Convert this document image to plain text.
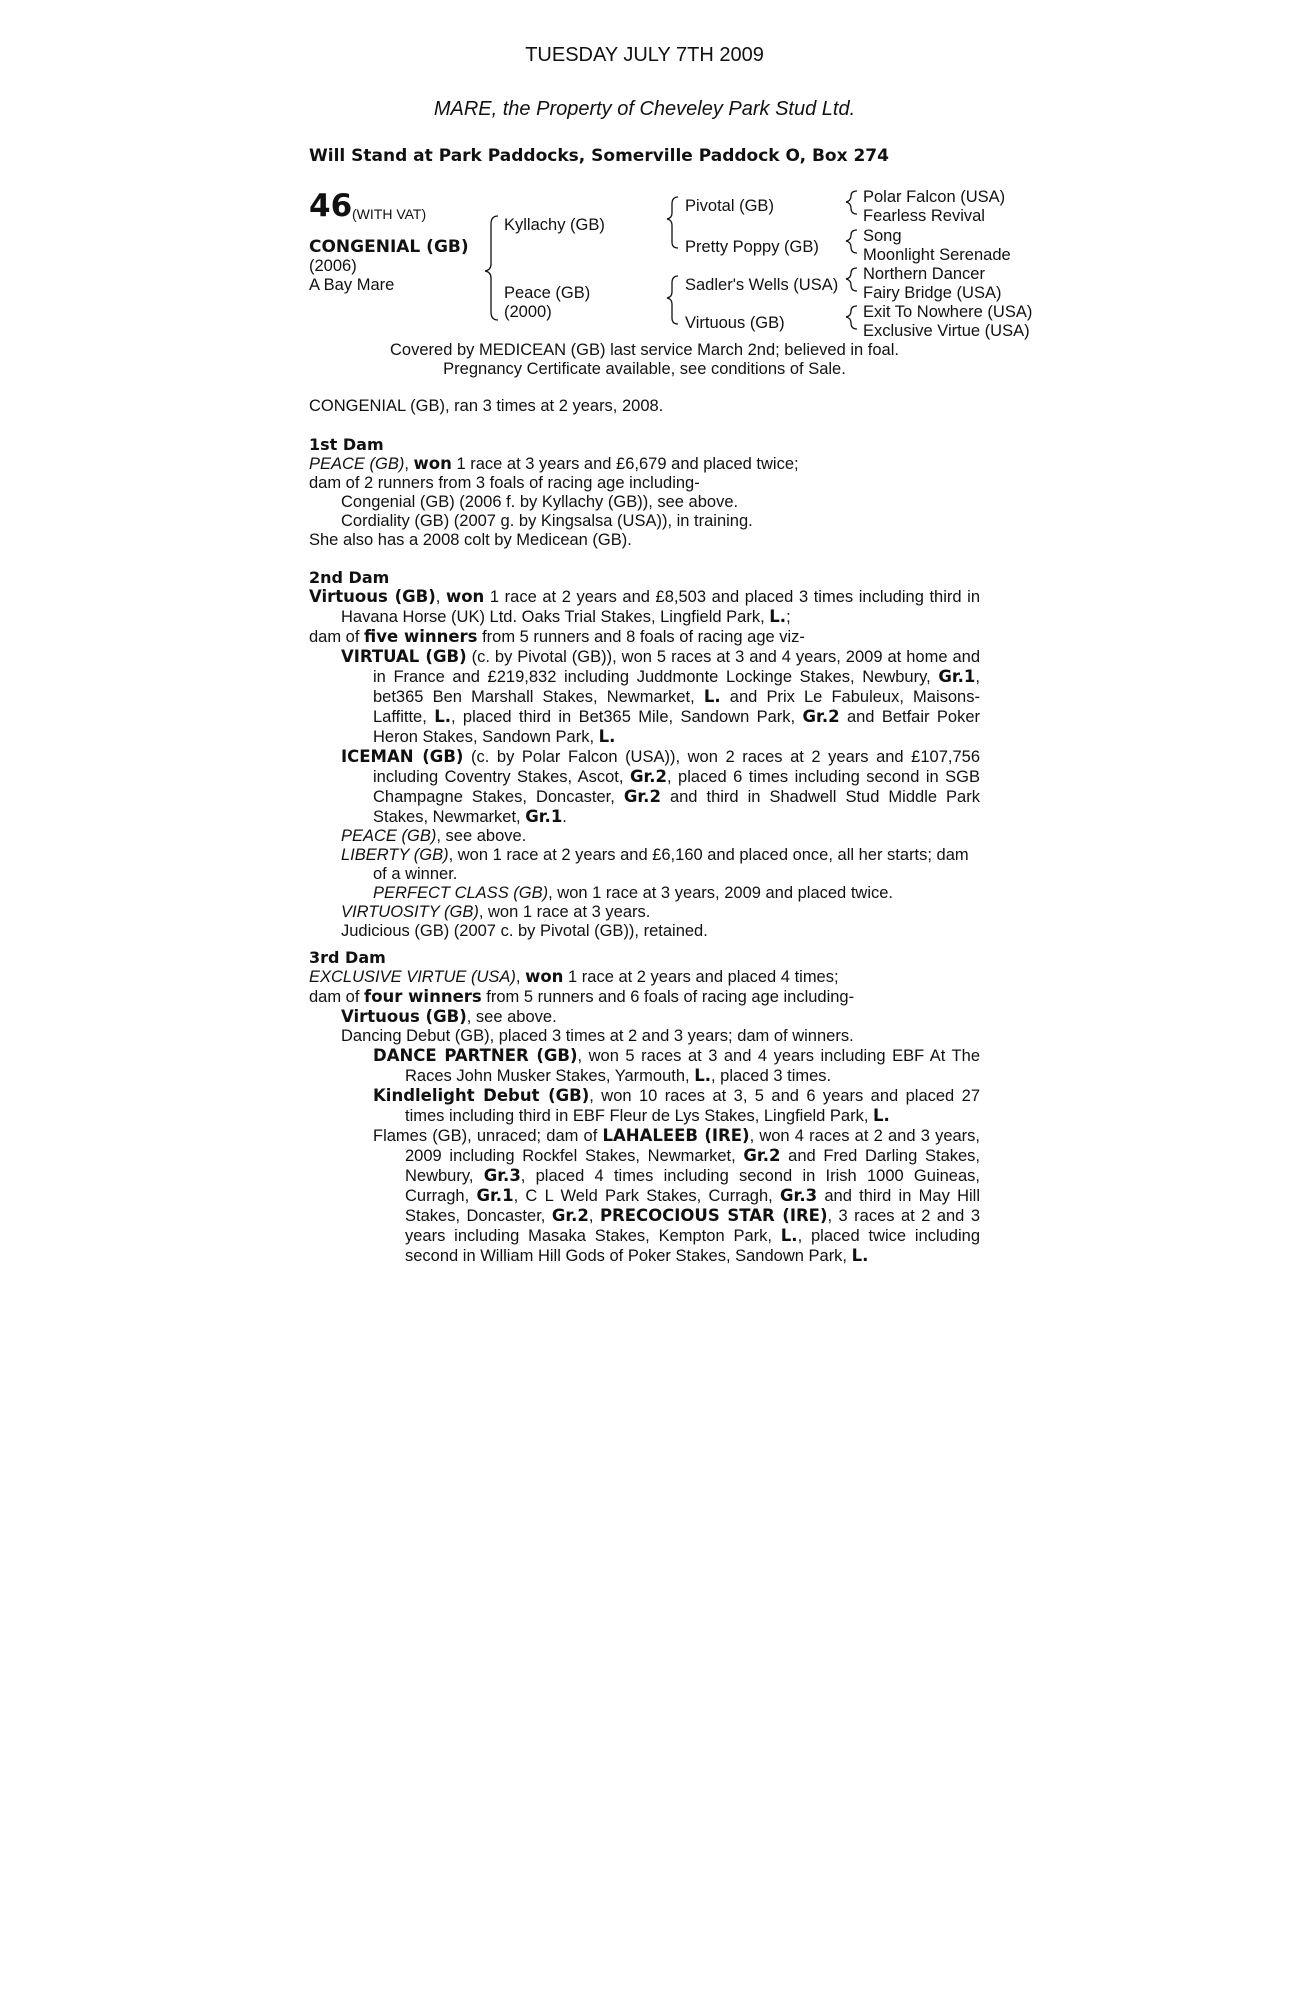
TUESDAY JULY 7TH 2009
MARE, the Property of Cheveley Park Stud Ltd.
Will Stand at Park Paddocks, Somerville Paddock O, Box 274
46 (WITH VAT)
CONGENIAL (GB)
(2006)
A Bay Mare
Kyllachy (GB)
Peace (GB)
(2000)
Pivotal (GB)
Pretty Poppy (GB)
Sadler's Wells (USA)
Virtuous (GB)
Polar Falcon (USA)
Fearless Revival
Song
Moonlight Serenade
Northern Dancer
Fairy Bridge (USA)
Exit To Nowhere (USA)
Exclusive Virtue (USA)
Covered by MEDICEAN (GB) last service March 2nd; believed in foal.
Pregnancy Certificate available, see conditions of Sale.
CONGENIAL (GB), ran 3 times at 2 years, 2008.

1st Dam

PEACE (GB), won 1 race at 3 years and £6,679 and placed twice;

dam of 2 runners from 3 foals of racing age including-

Congenial (GB) (2006 f. by Kyllachy (GB)), see above.

Cordiality (GB) (2007 g. by Kingsalsa (USA)), in training.

She also has a 2008 colt by Medicean (GB).

2nd Dam

Virtuous (GB), won 1 race at 2 years and £8,503 and placed 3 times including third in Havana Horse (UK) Ltd. Oaks Trial Stakes, Lingfield Park, L.;

dam of five winners from 5 runners and 8 foals of racing age viz-

VIRTUAL (GB) (c. by Pivotal (GB)), won 5 races at 3 and 4 years, 2009 at home and in France and £219,832 including Juddmonte Lockinge Stakes, Newbury, Gr.1, bet365 Ben Marshall Stakes, Newmarket, L. and Prix Le Fabuleux, Maisons-Laffitte, L., placed third in Bet365 Mile, Sandown Park, Gr.2 and Betfair Poker Heron Stakes, Sandown Park, L.

ICEMAN (GB) (c. by Polar Falcon (USA)), won 2 races at 2 years and £107,756 including Coventry Stakes, Ascot, Gr.2, placed 6 times including second in SGB Champagne Stakes, Doncaster, Gr.2 and third in Shadwell Stud Middle Park Stakes, Newmarket, Gr.1.

PEACE (GB), see above.

LIBERTY (GB), won 1 race at 2 years and £6,160 and placed once, all her starts; dam of a winner.

PERFECT CLASS (GB), won 1 race at 3 years, 2009 and placed twice.

VIRTUOSITY (GB), won 1 race at 3 years.

Judicious (GB) (2007 c. by Pivotal (GB)), retained.

3rd Dam

EXCLUSIVE VIRTUE (USA), won 1 race at 2 years and placed 4 times;

dam of four winners from 5 runners and 6 foals of racing age including-

Virtuous (GB), see above.

Dancing Debut (GB), placed 3 times at 2 and 3 years; dam of winners.

DANCE PARTNER (GB), won 5 races at 3 and 4 years including EBF At The Races John Musker Stakes, Yarmouth, L., placed 3 times.

Kindlelight Debut (GB), won 10 races at 3, 5 and 6 years and placed 27 times including third in EBF Fleur de Lys Stakes, Lingfield Park, L.

Flames (GB), unraced; dam of LAHALEEB (IRE), won 4 races at 2 and 3 years, 2009 including Rockfel Stakes, Newmarket, Gr.2 and Fred Darling Stakes, Newbury, Gr.3, placed 4 times including second in Irish 1000 Guineas, Curragh, Gr.1, C L Weld Park Stakes, Curragh, Gr.3 and third in May Hill Stakes, Doncaster, Gr.2, PRECOCIOUS STAR (IRE), 3 races at 2 and 3 years including Masaka Stakes, Kempton Park, L., placed twice including second in William Hill Gods of Poker Stakes, Sandown Park, L.
